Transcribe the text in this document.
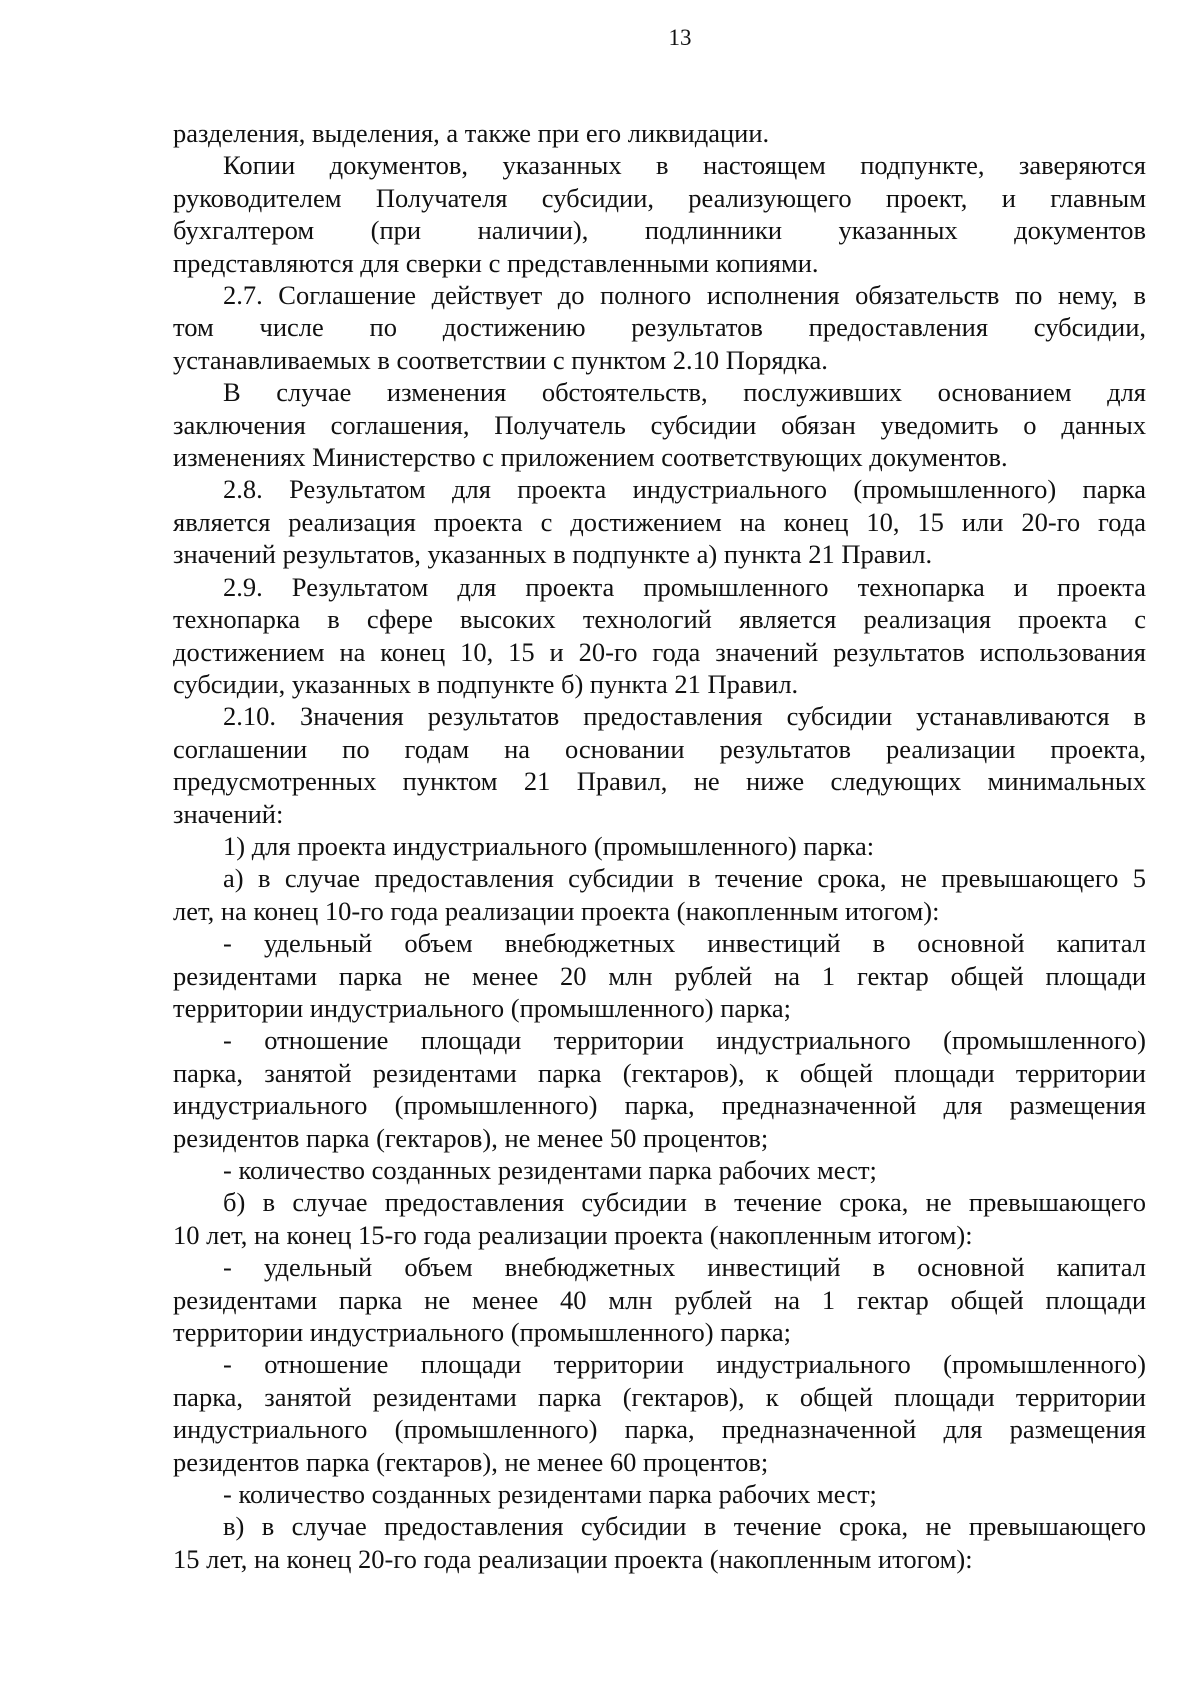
13

разделения, выделения, а также при его ликвидации.

Копии документов, указанных в настоящем подпункте, заверяются

руководителем Получателя субсидии, реализующего проект, и главным

бухгалтером (при наличии), подлинники указанных документов

представляются для сверки с представленными копиями.

2.7. Соглашение действует до полного исполнения обязательств по нему, в

том числе по достижению результатов предоставления субсидии,

устанавливаемых в соответствии с пунктом 2.10 Порядка.

В случае изменения обстоятельств, послуживших основанием для

заключения соглашения, Получатель субсидии обязан уведомить о данных

изменениях Министерство с приложением соответствующих документов.

2.8. Результатом для проекта индустриального (промышленного) парка

является реализация проекта с достижением на конец 10, 15 или 20-го года

значений результатов, указанных в подпункте а) пункта 21 Правил.

2.9. Результатом для проекта промышленного технопарка и проекта

технопарка в сфере высоких технологий является реализация проекта с

достижением на конец 10, 15 и 20-го года значений результатов использования

субсидии, указанных в подпункте б) пункта 21 Правил.

2.10. Значения результатов предоставления субсидии устанавливаются в

соглашении по годам на основании результатов реализации проекта,

предусмотренных пунктом 21 Правил, не ниже следующих минимальных

значений:

1) для проекта индустриального (промышленного) парка:

а) в случае предоставления субсидии в течение срока, не превышающего 5

лет, на конец 10-го года реализации проекта (накопленным итогом):

- удельный объем внебюджетных инвестиций в основной капитал

резидентами парка не менее 20 млн рублей на 1 гектар общей площади

территории индустриального (промышленного) парка;

- отношение площади территории индустриального (промышленного)

парка, занятой резидентами парка (гектаров), к общей площади территории

индустриального (промышленного) парка, предназначенной для размещения

резидентов парка (гектаров), не менее 50 процентов;

- количество созданных резидентами парка рабочих мест;

б) в случае предоставления субсидии в течение срока, не превышающего

10 лет, на конец 15-го года реализации проекта (накопленным итогом):

- удельный объем внебюджетных инвестиций в основной капитал

резидентами парка не менее 40 млн рублей на 1 гектар общей площади

территории индустриального (промышленного) парка;

- отношение площади территории индустриального (промышленного)

парка, занятой резидентами парка (гектаров), к общей площади территории

индустриального (промышленного) парка, предназначенной для размещения

резидентов парка (гектаров), не менее 60 процентов;

- количество созданных резидентами парка рабочих мест;

в) в случае предоставления субсидии в течение срока, не превышающего

15 лет, на конец 20-го года реализации проекта (накопленным итогом):
